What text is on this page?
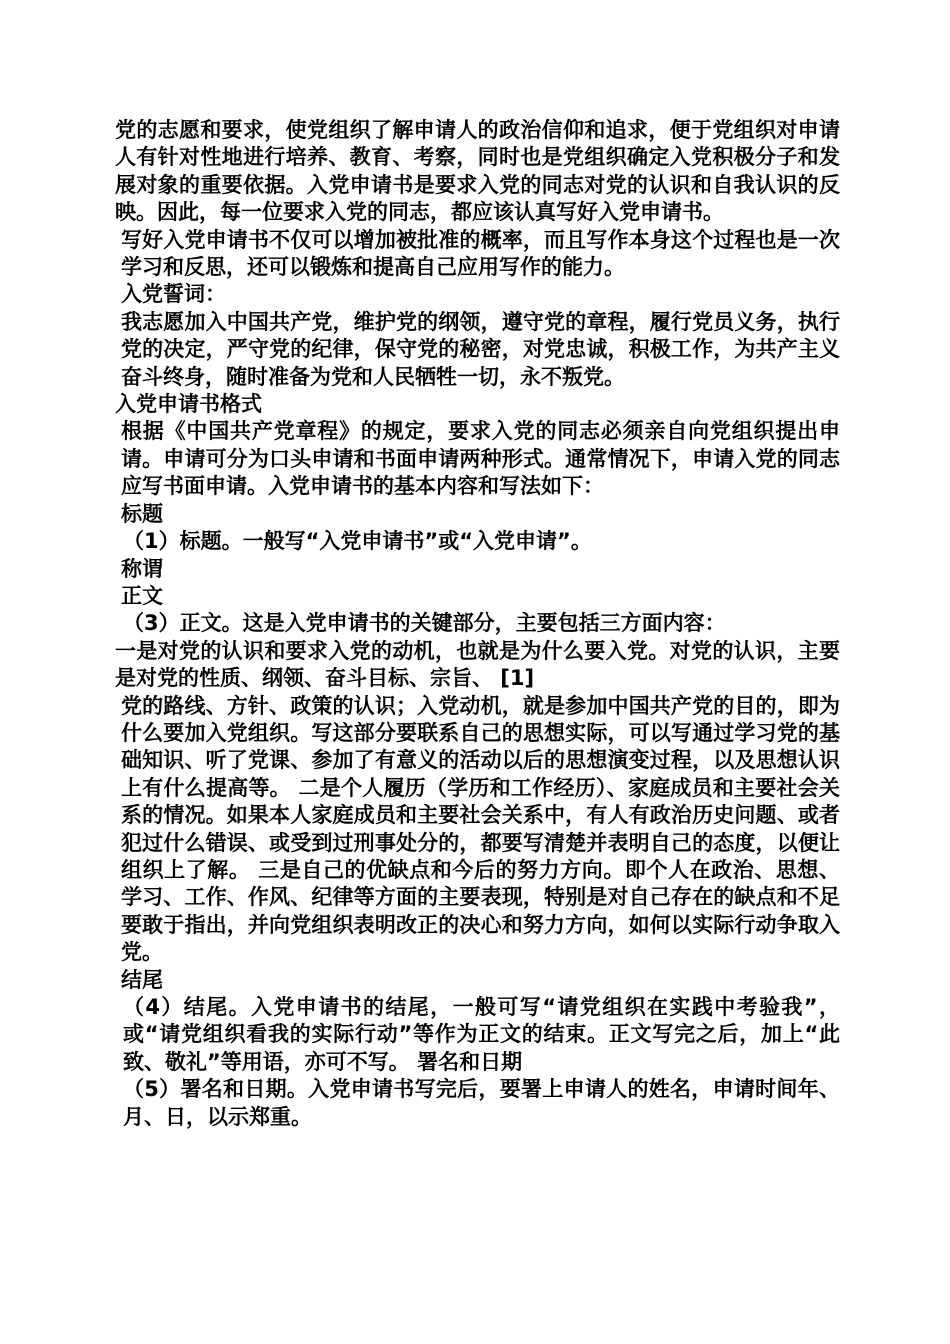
党的志愿和要求，使党组织了解申请人的政治信仰和追求，便于党组织对申请人有针对性地进行培养、教育、考察，同时也是党组织确定入党积极分子和发展对象的重要依据。入党申请书是要求入党的同志对党的认识和自我认识的反映。因此，每一位要求入党的同志，都应该认真写好入党申请书。

写好入党申请书不仅可以增加被批准的概率，而且写作本身这个过程也是一次学习和反思，还可以锻炼和提高自己应用写作的能力。

入党誓词：

我志愿加入中国共产党，维护党的纲领，遵守党的章程，履行党员义务，执行党的决定，严守党的纪律，保守党的秘密，对党忠诚，积极工作，为共产主义奋斗终身，随时准备为党和人民牺牲一切，永不叛党。

入党申请书格式

根据《中国共产党章程》的规定，要求入党的同志必须亲自向党组织提出申请。申请可分为口头申请和书面申请两种形式。通常情况下，申请入党的同志应写书面申请。入党申请书的基本内容和写法如下：

标题

（1）标题。一般写“入党申请书”或“入党申请”。

称谓

正文

（3）正文。这是入党申请书的关键部分，主要包括三方面内容：

一是对党的认识和要求入党的动机，也就是为什么要入党。对党的认识，主要是对党的性质、纲领、奋斗目标、宗旨、 [1]

党的路线、方针、政策的认识；入党动机，就是参加中国共产党的目的，即为什么要加入党组织。写这部分要联系自己的思想实际，可以写通过学习党的基础知识、听了党课、参加了有意义的活动以后的思想演变过程，以及思想认识上有什么提高等。 二是个人履历（学历和工作经历）、家庭成员和主要社会关系的情况。如果本人家庭成员和主要社会关系中，有人有政治历史问题、或者犯过什么错误、或受到过刑事处分的，都要写清楚并表明自己的态度，以便让组织上了解。 三是自己的优缺点和今后的努力方向。即个人在政治、思想、学习、工作、作风、纪律等方面的主要表现，特别是对自己存在的缺点和不足要敢于指出，并向党组织表明改正的决心和努力方向，如何以实际行动争取入党。

结尾

（4）结尾。入党申请书的结尾，一般可写“请党组织在实践中考验我”，或“请党组织看我的实际行动”等作为正文的结束。正文写完之后，加上“此致、敬礼”等用语，亦可不写。 署名和日期

（5）署名和日期。入党申请书写完后，要署上申请人的姓名，申请时间年、月、日，以示郑重。
